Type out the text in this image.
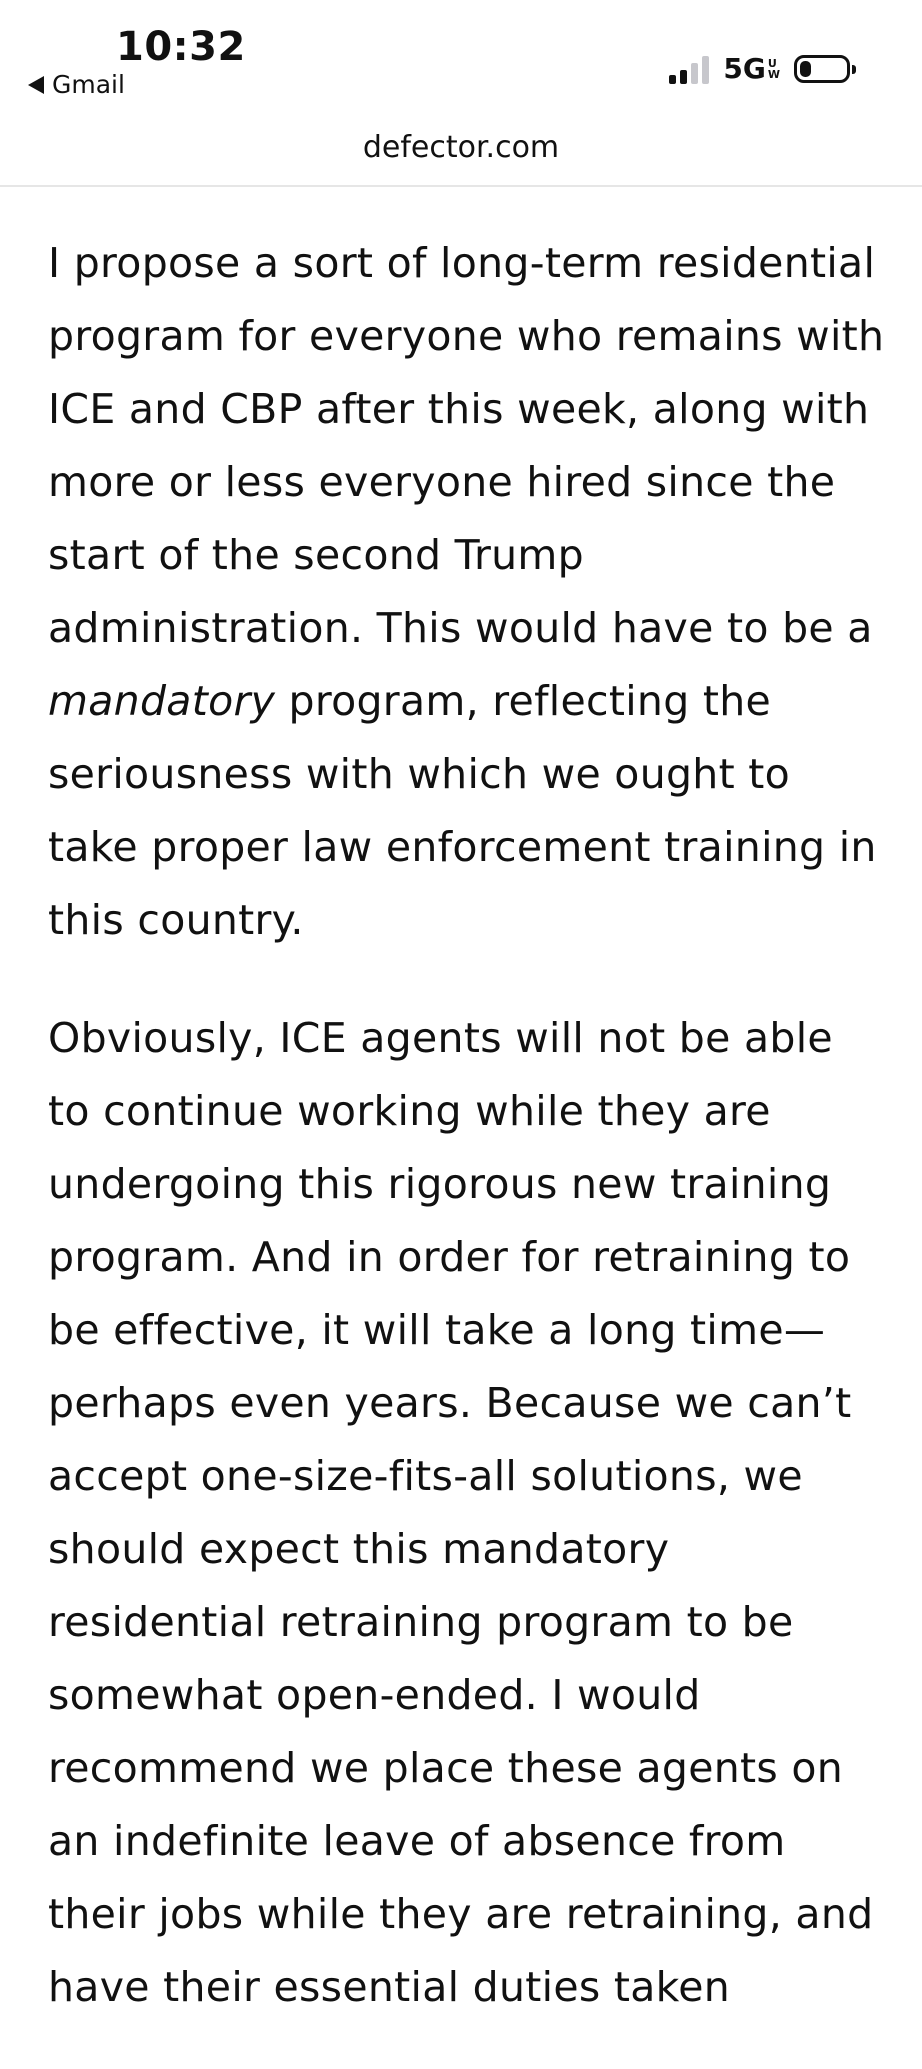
10:32
Gmail	5G U
W
defector.com

I propose a sort of long-term residential program for everyone who remains with ICE and CBP after this week, along with more or less everyone hired since the start of the second Trump administration. This would have to be a mandatory program, reflecting the seriousness with which we ought to take proper law enforcement training in this country.

Obviously, ICE agents will not be able to continue working while they are undergoing this rigorous new training program. And in order for retraining to be effective, it will take a long time—perhaps even years. Because we can’t accept one-size-fits-all solutions, we should expect this mandatory residential retraining program to be somewhat open-ended. I would recommend we place these agents on an indefinite leave of absence from their jobs while they are retraining, and have their essential duties taken
